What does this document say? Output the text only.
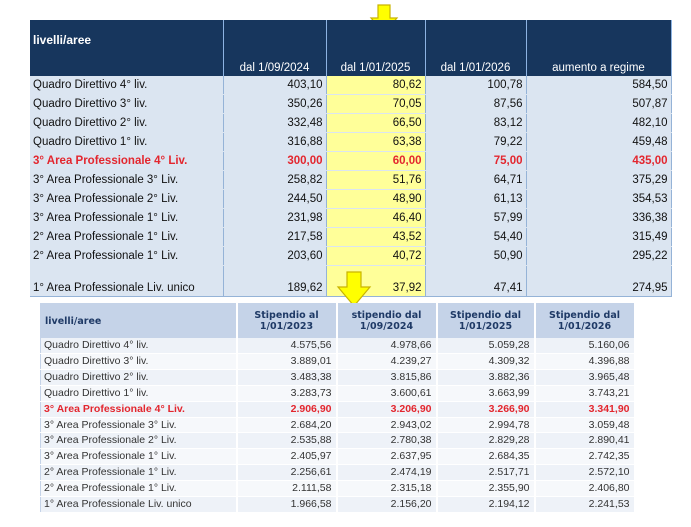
livelli/aree	dal 1/09/2024	dal 1/01/2025	dal 1/01/2026	aumento a regime
Quadro Direttivo 4° liv.	403,10	80,62	100,78	584,50
Quadro Direttivo 3° liv.	350,26	70,05	87,56	507,87
Quadro Direttivo 2° liv.	332,48	66,50	83,12	482,10
Quadro Direttivo 1° liv.	316,88	63,38	79,22	459,48
3° Area Professionale 4° Liv.	300,00	60,00	75,00	435,00
3° Area Professionale 3° Liv.	258,82	51,76	64,71	375,29
3° Area Professionale 2° Liv.	244,50	48,90	61,13	354,53
3° Area Professionale 1° Liv.	231,98	46,40	57,99	336,38
2° Area Professionale 1° Liv.	217,58	43,52	54,40	315,49
2° Area Professionale 1° Liv.	203,60	40,72	50,90	295,22
1° Area Professionale Liv. unico	189,62	37,92	47,41	274,95
livelli/aree	Stipendio al 1/01/2023	stipendio dal 1/09/2024	Stipendio dal 1/01/2025	Stipendio dal 1/01/2026
Quadro Direttivo 4° liv.	4.575,56	4.978,66	5.059,28	5.160,06
Quadro Direttivo 3° liv.	3.889,01	4.239,27	4.309,32	4.396,88
Quadro Direttivo 2° liv.	3.483,38	3.815,86	3.882,36	3.965,48
Quadro Direttivo 1° liv.	3.283,73	3.600,61	3.663,99	3.743,21
3° Area Professionale 4° Liv.	2.906,90	3.206,90	3.266,90	3.341,90
3° Area Professionale 3° Liv.	2.684,20	2.943,02	2.994,78	3.059,48
3° Area Professionale 2° Liv.	2.535,88	2.780,38	2.829,28	2.890,41
3° Area Professionale 1° Liv.	2.405,97	2.637,95	2.684,35	2.742,35
2° Area Professionale 1° Liv.	2.256,61	2.474,19	2.517,71	2.572,10
2° Area Professionale 1° Liv.	2.111,58	2.315,18	2.355,90	2.406,80
1° Area Professionale Liv. unico	1.966,58	2.156,20	2.194,12	2.241,53
